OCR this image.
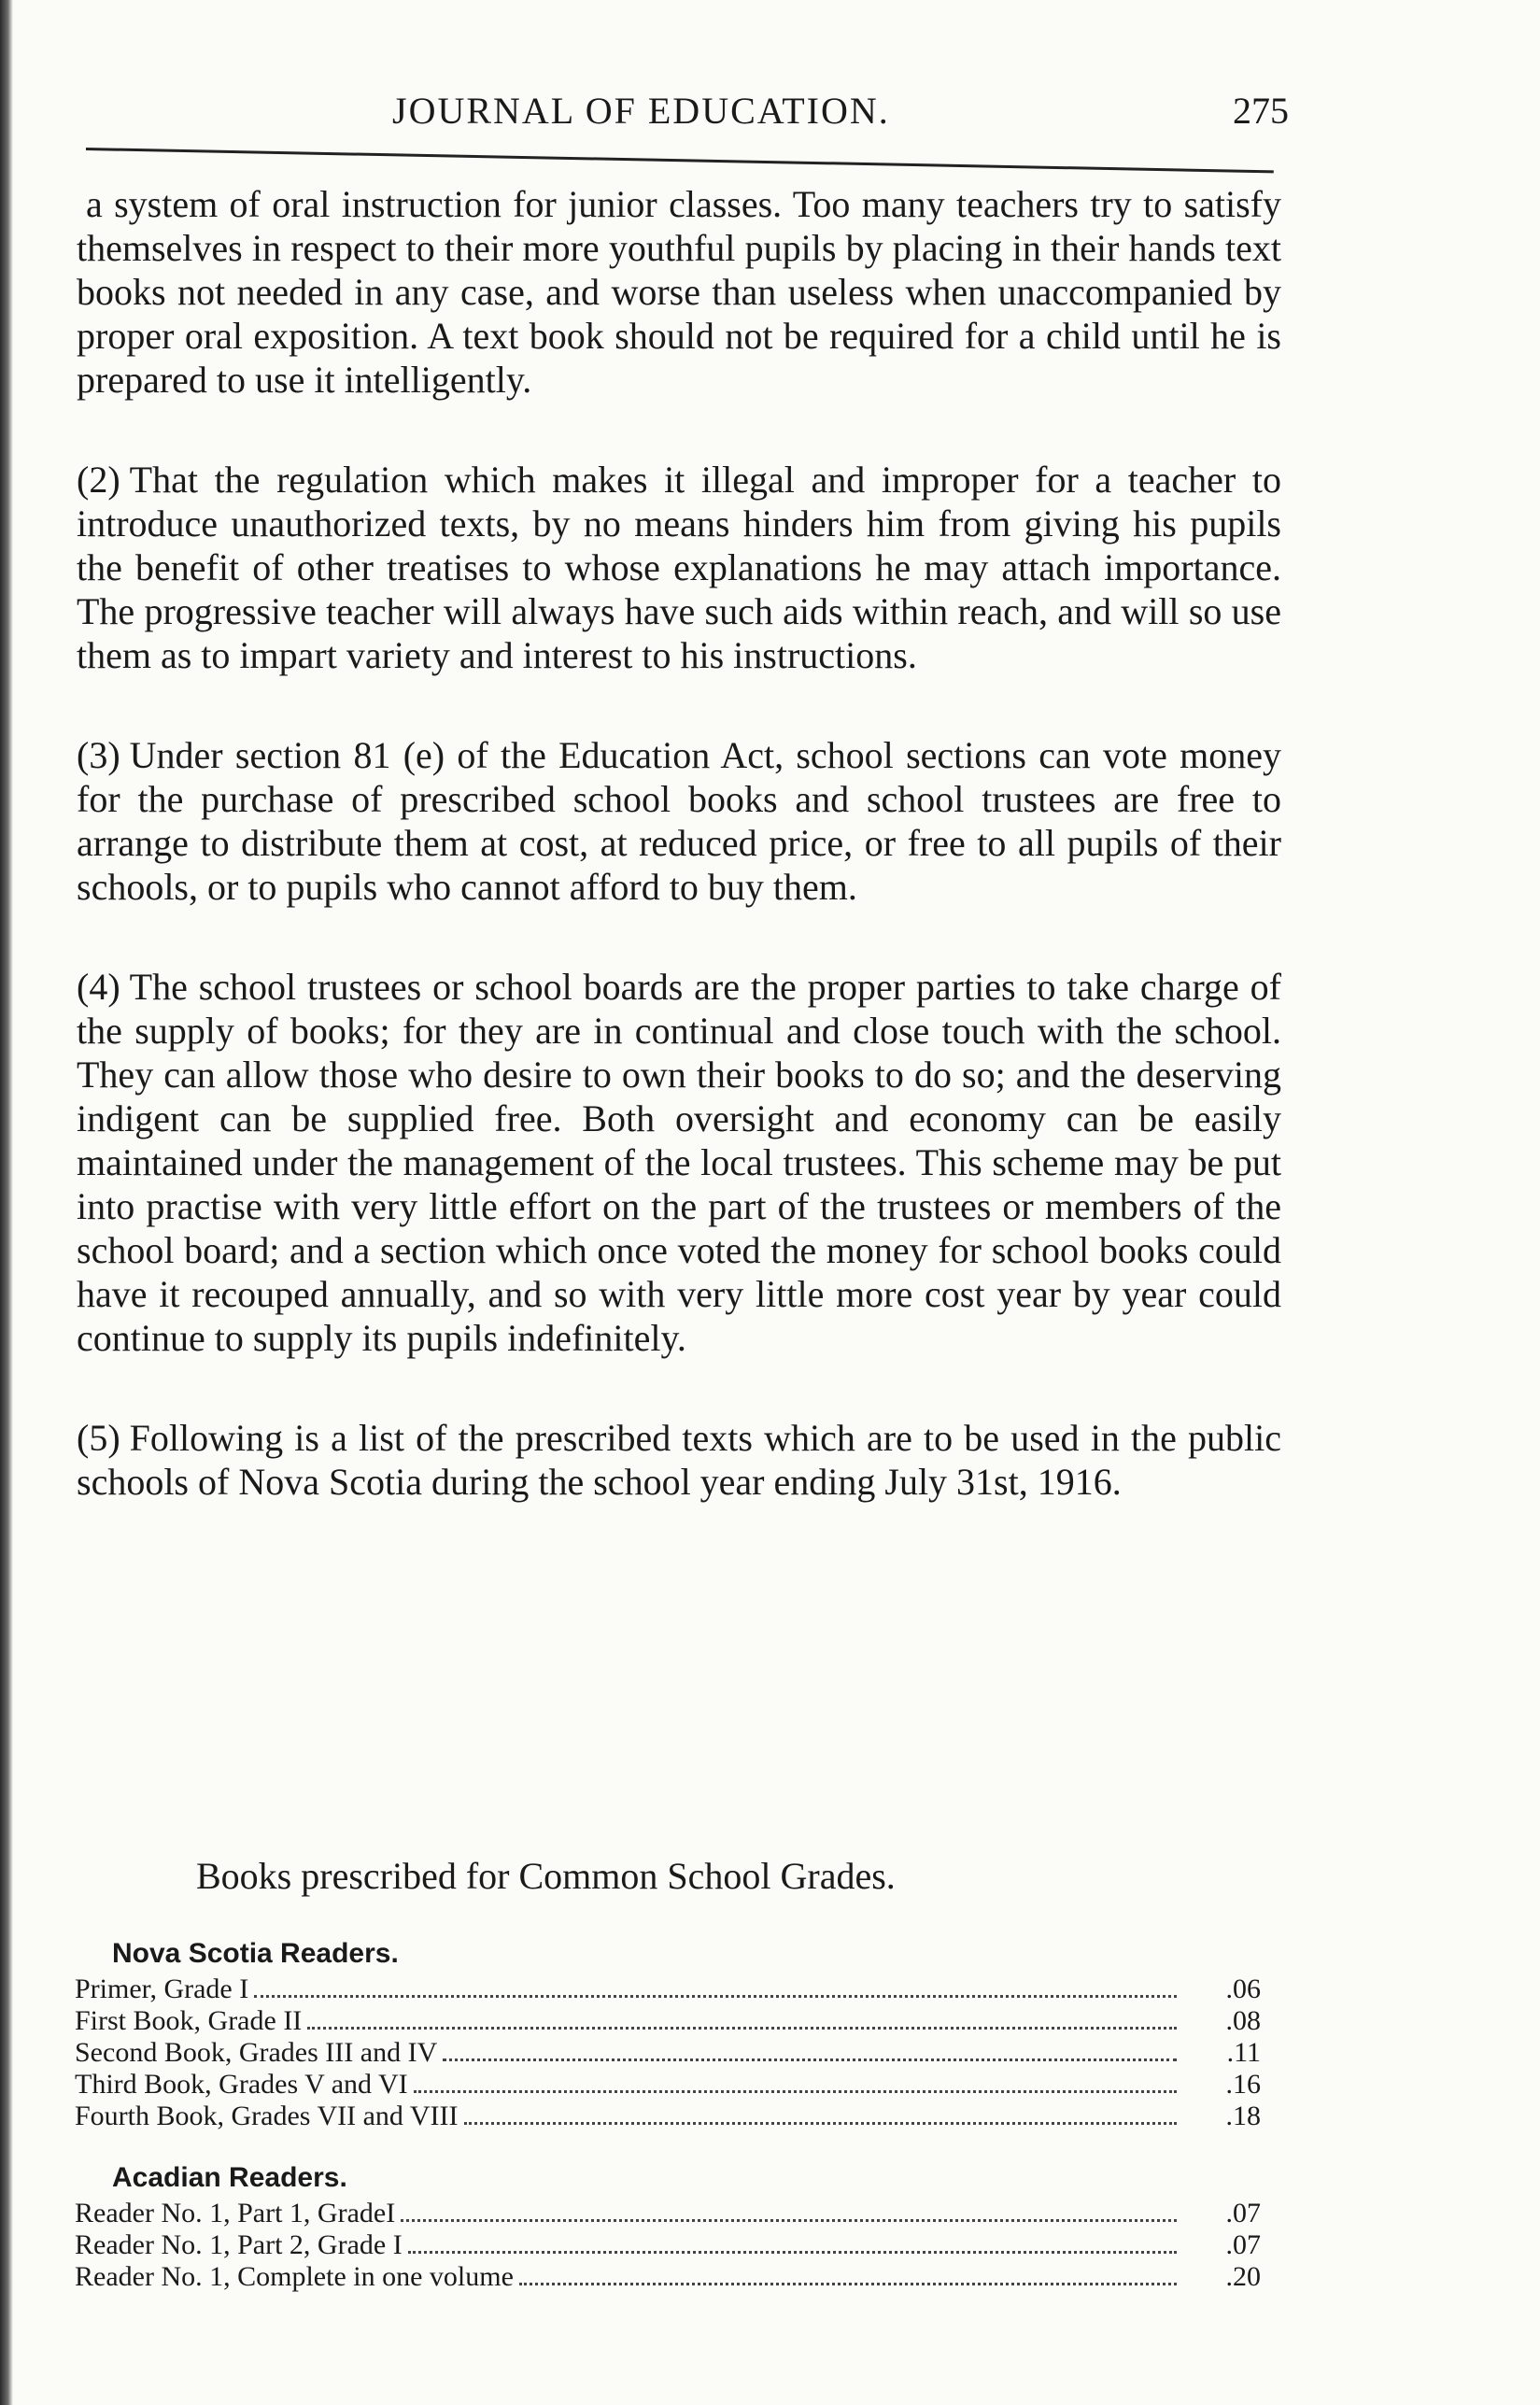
JOURNAL OF EDUCATION.	275

a system of oral instruction for junior classes. Too many teachers try to satisfy themselves in respect to their more youthful pupils by placing in their hands text books not needed in any case, and worse than useless when unaccompanied by proper oral exposition. A text book should not be required for a child until he is prepared to use it intelligently.

(2) That the regulation which makes it illegal and improper for a teacher to introduce unauthorized texts, by no means hinders him from giving his pupils the benefit of other treatises to whose explanations he may attach importance. The progressive teacher will always have such aids within reach, and will so use them as to impart variety and interest to his instructions.

(3) Under section 81 (e) of the Education Act, school sections can vote money for the purchase of prescribed school books and school trustees are free to arrange to distribute them at cost, at reduced price, or free to all pupils of their schools, or to pupils who cannot afford to buy them.

(4) The school trustees or school boards are the proper parties to take charge of the supply of books; for they are in continual and close touch with the school. They can allow those who desire to own their books to do so; and the deserving indigent can be supplied free. Both oversight and economy can be easily maintained under the management of the local trustees. This scheme may be put into practise with very little effort on the part of the trustees or members of the school board; and a section which once voted the money for school books could have it recouped annually, and so with very little more cost year by year could continue to supply its pupils indefinitely.

(5) Following is a list of the prescribed texts which are to be used in the public schools of Nova Scotia during the school year ending July 31st, 1916.

Books prescribed for Common School Grades.
Nova Scotia Readers.
Primer, Grade I	.06
First Book, Grade II	.08
Second Book, Grades III and IV	.11
Third Book, Grades V and VI	.16
Fourth Book, Grades VII and VIII	.18
Acadian Readers.
Reader No. 1, Part 1, GradeI	.07
Reader No. 1, Part 2, Grade I	.07
Reader No. 1, Complete in one volume	.20
